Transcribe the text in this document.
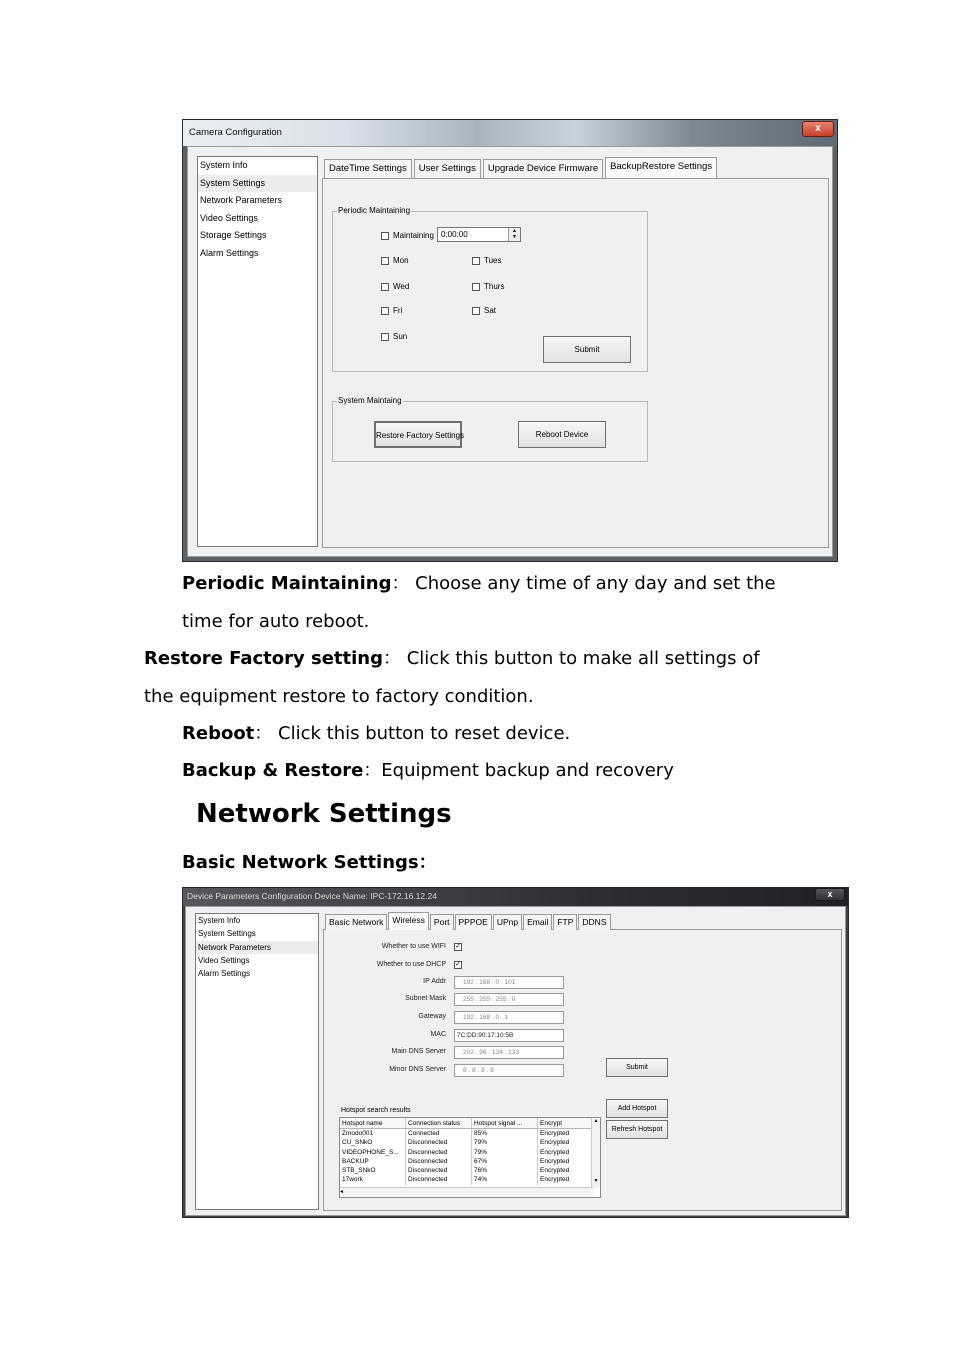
Camera Configuration	x
System Info
System Settings
Network Parameters
Video Settings
Storage Settings
Alarm Settings
DateTime Settings	User Settings	Upgrade Device Firmware	BackupRestore Settings
Periodic Maintaining
Maintaining 0:00:00	▲
▼
Mon	Tues
Wed	Thurs
Fri	Sat
Sun
Submit
System Maintaing
Restore Factory Settings	Reboot Device
Periodic Maintaining： Choose any time of any day and set the
time for auto reboot.
Restore Factory setting： Click this button to make all settings of
the equipment restore to factory condition.
Reboot： Click this button to reset device.
Backup & Restore：Equipment backup and recovery
Network Settings
Basic Network Settings：
Device Parameters Configuration Device Name: IPC-172.16.12.24	x
System Info
System Settings
Network Parameters
Video Settings
Alarm Settings
Basic Network	Wireless	Port	PPPOE	UPnp	Email	FTP	DDNS
Whether to use WIFI ✓
Whether to use DHCP ✓
IP Addr	192 . 168 . 0 . 101
Subnet Mask	255 . 255 . 255 . 0
Gateway	192 . 168 . 0 . 1
MAC	7C:DD:90:17:10:5B
Main DNS Server	202 . 96 . 134 . 133
Minor DNS Server	8 . 8 . 8 . 8	Submit
Hotspot search results
Hotspot name	Connection status	Hotspot signal ...	Encrypt
Zmodo001	Connected	85%	Encrypted
CU_SNkO	Disconnected	79%	Encrypted
VIDEOPHONE_S...	Disconnected	79%	Encrypted
BACKUP	Disconnected	67%	Encrypted
STB_SNkO	Disconnected	76%	Encrypted
17work	Disconnected	74%	Encrypted
▲

▼
◂
Add Hotspot
Refresh Hotspot
